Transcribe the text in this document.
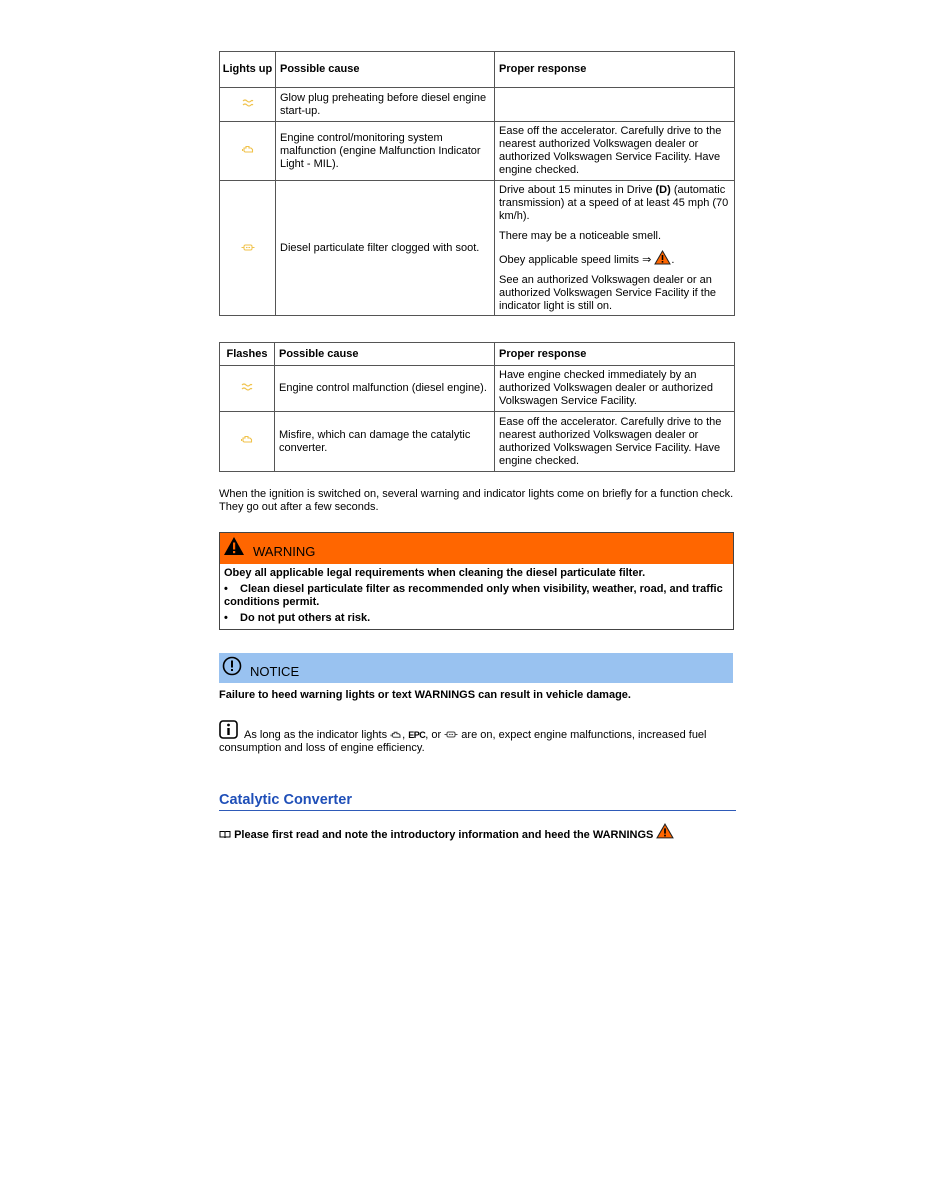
Lights up	Possible cause	Proper response
	Glow plug preheating before diesel engine start-up.	
	Engine control/monitoring system malfunction (engine Malfunction Indicator Light - MIL).	Ease off the accelerator. Carefully drive to the nearest authorized Volkswagen dealer or authorized Volkswagen Service Facility. Have engine checked.
	Diesel particulate filter clogged with soot.	Drive about 15 minutes in Drive (D) (automatic transmission) at a speed of at least 45 mph (70 km/h).
There may be a noticeable smell.
Obey applicable speed limits ⇒ .
See an authorized Volkswagen dealer or an authorized Volkswagen Service Facility if the indicator light is still on.
Flashes	Possible cause	Proper response
	Engine control malfunction (diesel engine).	Have engine checked immediately by an authorized Volkswagen dealer or authorized Volkswagen Service Facility.
	Misfire, which can damage the catalytic converter.	Ease off the accelerator. Carefully drive to the nearest authorized Volkswagen dealer or authorized Volkswagen Service Facility. Have engine checked.
When the ignition is switched on, several warning and indicator lights come on briefly for a function check. They go out after a few seconds.
WARNING
Obey all applicable legal requirements when cleaning the diesel particulate filter.
• Clean diesel particulate filter as recommended only when visibility, weather, road, and traffic conditions permit.
• Do not put others at risk.
NOTICE
Failure to heed warning lights or text WARNINGS can result in vehicle damage.
As long as the indicator lights , EPC, or  are on, expect engine malfunctions, increased fuel consumption and loss of engine efficiency.
Catalytic Converter
Please first read and note the introductory information and heed the WARNINGS
